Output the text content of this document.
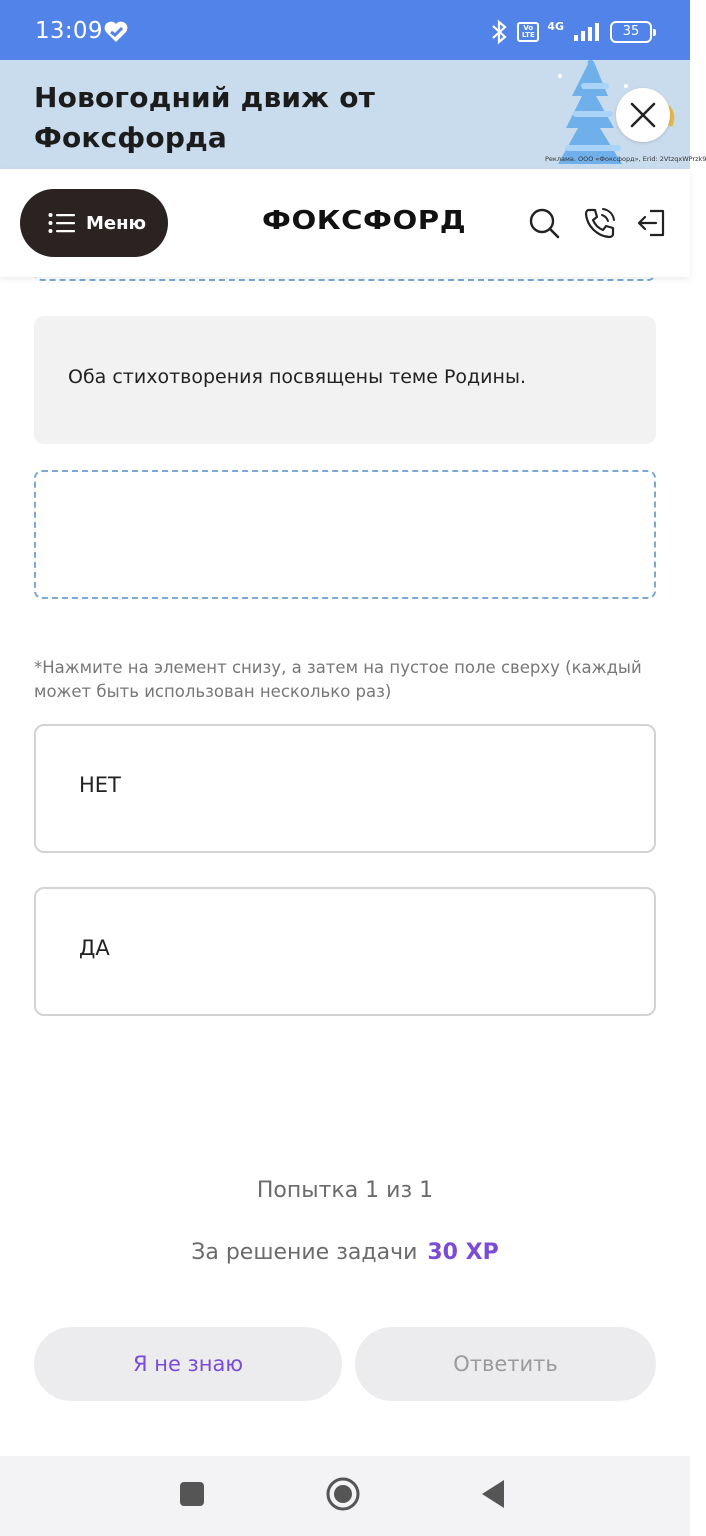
13:09	Vo LTE
4G	35
Новогодний движ от Фоксфорда
Реклама. ООО «Фоксфорд», Erid: 2VtzqxWPrzk9
Меню	ФОКСФОРД
Оба стихотворения посвящены теме Родины.
*Нажмите на элемент снизу, а затем на пустое поле сверху (каждый может быть использован несколько раз)
НЕТ
ДА
Попытка 1 из 1
За решение задачи 30 XP
Я не знаю	Ответить
